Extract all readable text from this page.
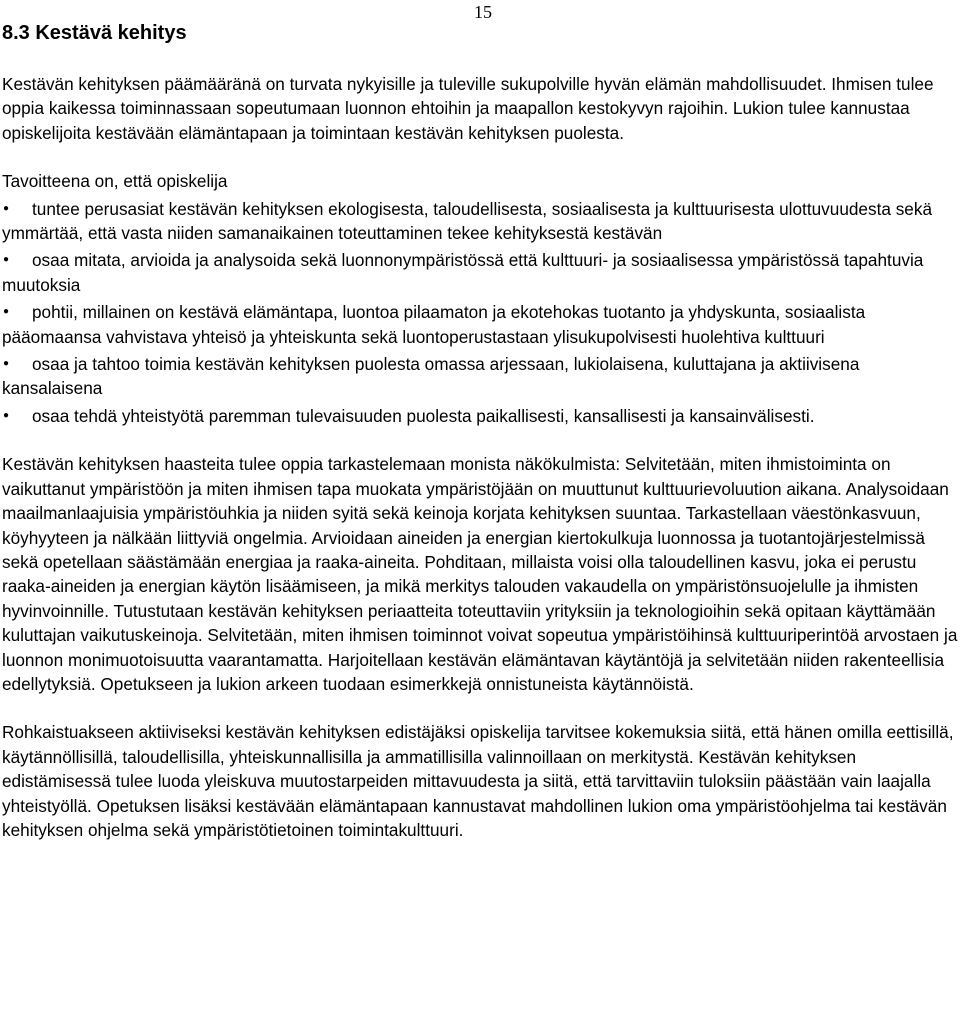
15
8.3 Kestävä kehitys

Kestävän kehityksen päämääränä on turvata nykyisille ja tuleville sukupolville hyvän elämän mahdollisuudet. Ihmisen tulee oppia kaikessa toiminnassaan sopeutumaan luonnon ehtoihin ja maapallon kestokyvyn rajoihin. Lukion tulee kannustaa opiskelijoita kestävään elämäntapaan ja toimintaan kestävän kehityksen puolesta.

Tavoitteena on, että opiskelija
● tuntee perusasiat kestävän kehityksen ekologisesta, taloudellisesta, sosiaalisesta ja kulttuurisesta ulottuvuudesta sekä ymmärtää, että vasta niiden samanaikainen toteuttaminen tekee kehityksestä kestävän
● osaa mitata, arvioida ja analysoida sekä luonnonympäristössä että kulttuuri- ja sosiaalisessa ympäristössä tapahtuvia muutoksia
● pohtii, millainen on kestävä elämäntapa, luontoa pilaamaton ja ekotehokas tuotanto ja yhdyskunta, sosiaalista pääomaansa vahvistava yhteisö ja yhteiskunta sekä luontoperustastaan ylisukupolvisesti huolehtiva kulttuuri
● osaa ja tahtoo toimia kestävän kehityksen puolesta omassa arjessaan, lukiolaisena, kuluttajana ja aktiivisena kansalaisena
● osaa tehdä yhteistyötä paremman tulevaisuuden puolesta paikallisesti, kansallisesti ja kansainvälisesti.

Kestävän kehityksen haasteita tulee oppia tarkastelemaan monista näkökulmista: Selvitetään, miten ihmistoiminta on vaikuttanut ympäristöön ja miten ihmisen tapa muokata ympäristöjään on muuttunut kulttuurievoluution aikana. Analysoidaan maailmanlaajuisia ympäristöuhkia ja niiden syitä sekä keinoja korjata kehityksen suuntaa. Tarkastellaan väestönkasvuun, köyhyyteen ja nälkään liittyviä ongelmia. Arvioidaan aineiden ja energian kiertokulkuja luonnossa ja tuotantojärjestelmissä sekä opetellaan säästämään energiaa ja raaka-aineita. Pohditaan, millaista voisi olla taloudellinen kasvu, joka ei perustu raaka-aineiden ja energian käytön lisäämiseen, ja mikä merkitys talouden vakaudella on ympäristönsuojelulle ja ihmisten hyvinvoinnille. Tutustutaan kestävän kehityksen periaatteita toteuttaviin yrityksiin ja teknologioihin sekä opitaan käyttämään kuluttajan vaikutuskeinoja. Selvitetään, miten ihmisen toiminnot voivat sopeutua ympäristöihinsä kulttuuriperintöä arvostaen ja luonnon monimuotoisuutta vaarantamatta. Harjoitellaan kestävän elämäntavan käytäntöjä ja selvitetään niiden rakenteellisia edellytyksiä. Opetukseen ja lukion arkeen tuodaan esimerkkejä onnistuneista käytännöistä.

Rohkaistuakseen aktiiviseksi kestävän kehityksen edistäjäksi opiskelija tarvitsee kokemuksia siitä, että hänen omilla eettisillä, käytännöllisillä, taloudellisilla, yhteiskunnallisilla ja ammatillisilla valinnoillaan on merkitystä. Kestävän kehityksen edistämisessä tulee luoda yleiskuva muutostarpeiden mittavuudesta ja siitä, että tarvittaviin tuloksiin päästään vain laajalla yhteistyöllä. Opetuksen lisäksi kestävään elämäntapaan kannustavat mahdollinen lukion oma ympäristöohjelma tai kestävän kehityksen ohjelma sekä ympäristötietoinen toimintakulttuuri.
